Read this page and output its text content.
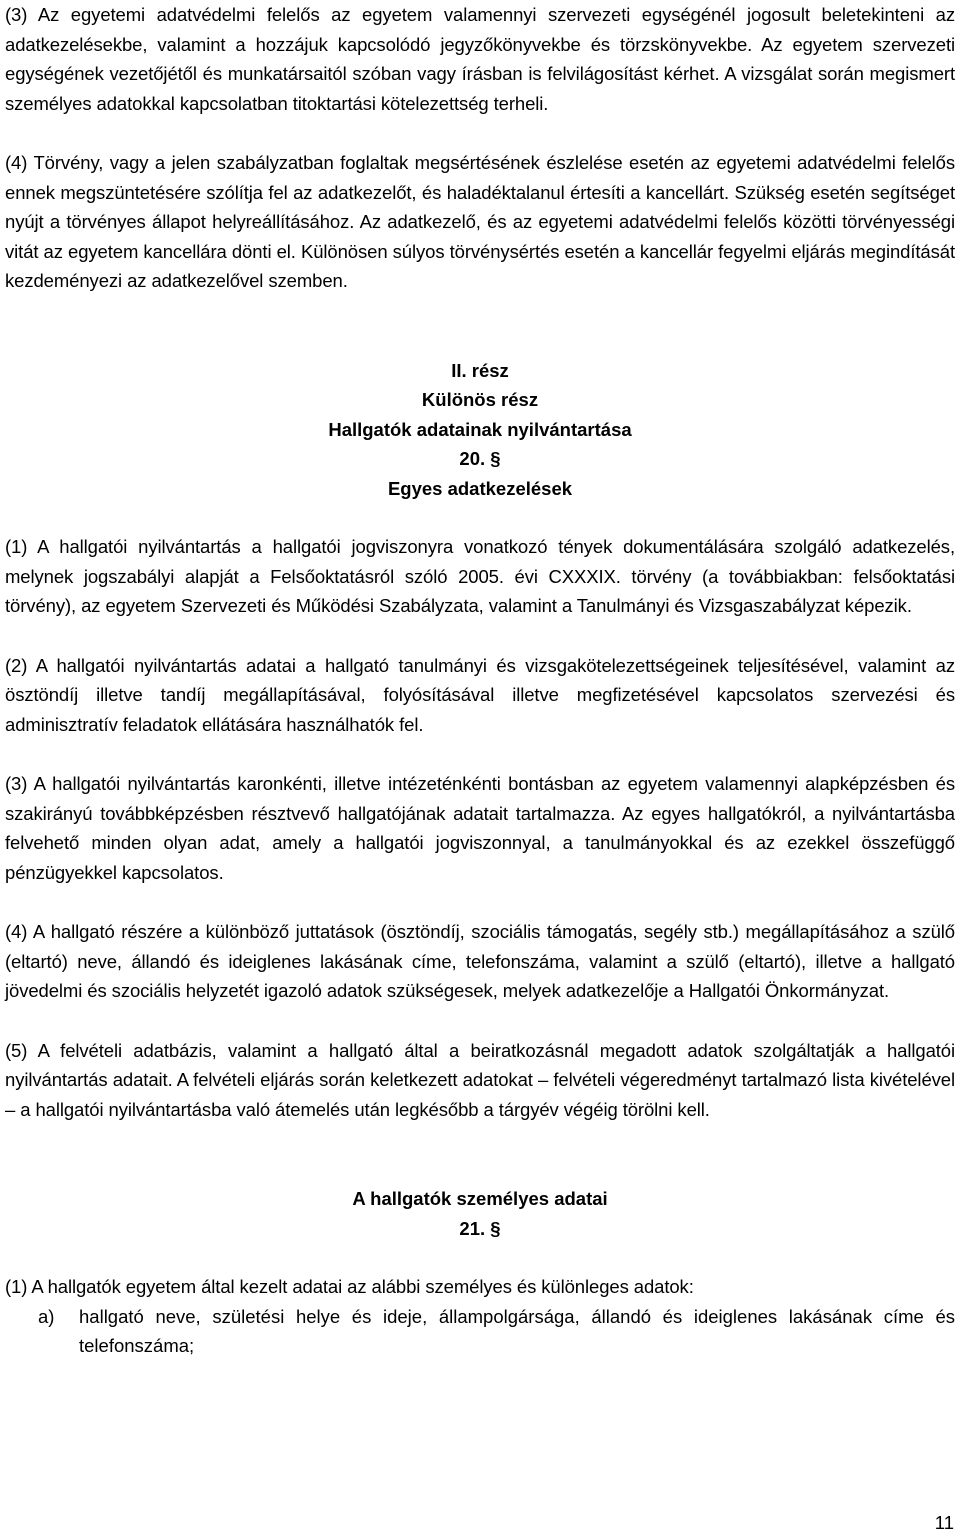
(3) Az egyetemi adatvédelmi felelős az egyetem valamennyi szervezeti egységénél jogosult beletekinteni az adatkezelésekbe, valamint a hozzájuk kapcsolódó jegyzőkönyvekbe és törzskönyvekbe. Az egyetem szervezeti egységének vezetőjétől és munkatársaitól szóban vagy írásban is felvilágosítást kérhet. A vizsgálat során megismert személyes adatokkal kapcsolatban titoktartási kötelezettség terheli.

(4) Törvény, vagy a jelen szabályzatban foglaltak megsértésének észlelése esetén az egyetemi adatvédelmi felelős ennek megszüntetésére szólítja fel az adatkezelőt, és haladéktalanul értesíti a kancellárt. Szükség esetén segítséget nyújt a törvényes állapot helyreállításához. Az adatkezelő, és az egyetemi adatvédelmi felelős közötti törvényességi vitát az egyetem kancellára dönti el. Különösen súlyos törvénysértés esetén a kancellár fegyelmi eljárás megindítását kezdeményezi az adatkezelővel szemben.

II. rész

Különös rész

Hallgatók adatainak nyilvántartása

20. §

Egyes adatkezelések

(1) A hallgatói nyilvántartás a hallgatói jogviszonyra vonatkozó tények dokumentálására szolgáló adatkezelés, melynek jogszabályi alapját a Felsőoktatásról szóló 2005. évi CXXXIX. törvény (a továbbiakban: felsőoktatási törvény), az egyetem Szervezeti és Működési Szabályzata, valamint a Tanulmányi és Vizsgaszabályzat képezik.

(2) A hallgatói nyilvántartás adatai a hallgató tanulmányi és vizsgakötelezettségeinek teljesítésével, valamint az ösztöndíj illetve tandíj megállapításával, folyósításával illetve megfizetésével kapcsolatos szervezési és adminisztratív feladatok ellátására használhatók fel.

(3) A hallgatói nyilvántartás karonkénti, illetve intézeténkénti bontásban az egyetem valamennyi alapképzésben és szakirányú továbbképzésben résztvevő hallgatójának adatait tartalmazza. Az egyes hallgatókról, a nyilvántartásba felvehető minden olyan adat, amely a hallgatói jogviszonnyal, a tanulmányokkal és az ezekkel összefüggő pénzügyekkel kapcsolatos.

(4) A hallgató részére a különböző juttatások (ösztöndíj, szociális támogatás, segély stb.) megállapításához a szülő (eltartó) neve, állandó és ideiglenes lakásának címe, telefonszáma, valamint a szülő (eltartó), illetve a hallgató jövedelmi és szociális helyzetét igazoló adatok szükségesek, melyek adatkezelője a Hallgatói Önkormányzat.

(5) A felvételi adatbázis, valamint a hallgató által a beiratkozásnál megadott adatok szolgáltatják a hallgatói nyilvántartás adatait. A felvételi eljárás során keletkezett adatokat – felvételi végeredményt tartalmazó lista kivételével – a hallgatói nyilvántartásba való átemelés után legkésőbb a tárgyév végéig törölni kell.

A hallgatók személyes adatai

21. §

(1) A hallgatók egyetem által kezelt adatai az alábbi személyes és különleges adatok:

a)	hallgató neve, születési helye és ideje, állampolgársága, állandó és ideiglenes lakásának címe és telefonszáma;
11
